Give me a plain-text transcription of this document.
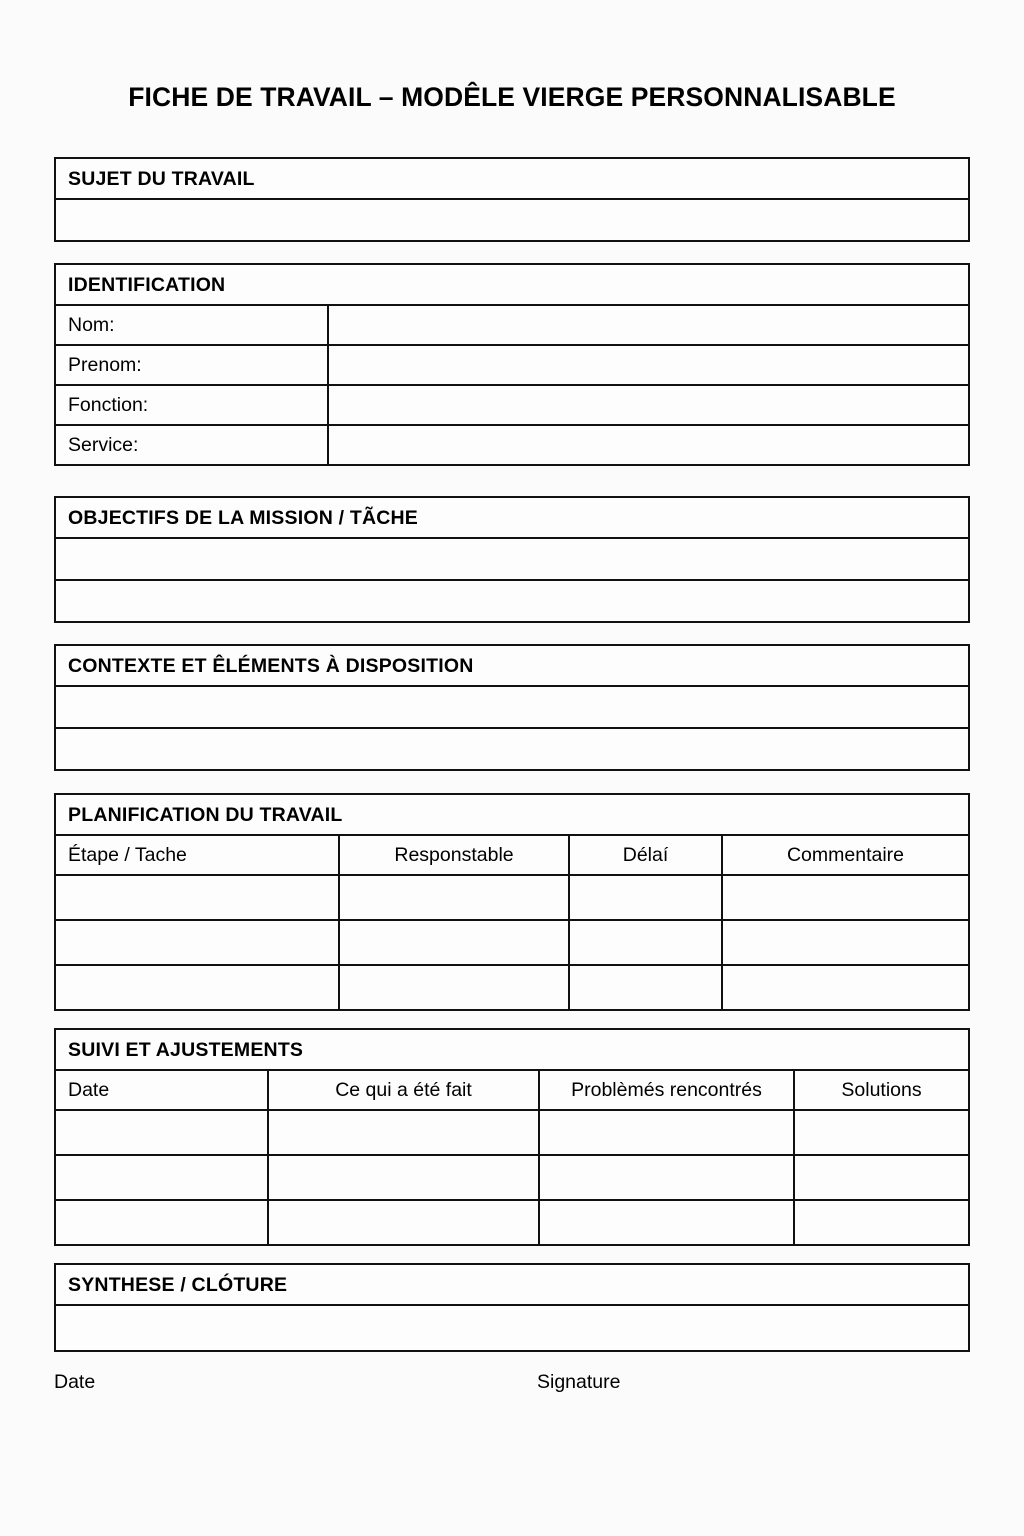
FICHE DE TRAVAIL – MODÊLE VIERGE PERSONNALISABLE
SUJET DU TRAVAIL
IDENTIFICATION
Nom:
Prenom:
Fonction:
Service:
OBJECTIFS DE LA MISSION / TÃCHE
CONTEXTE ET ÊLÉMENTS À DISPOSITION
PLANIFICATION DU TRAVAIL
Étape / Tache	Responstable	Délaí	Commentaire
SUIVI ET AJUSTEMENTS
Date	Ce qui a été fait	Problèmés rencontrés	Solutions
SYNTHESE / CLÓTURE
Date	Signature
